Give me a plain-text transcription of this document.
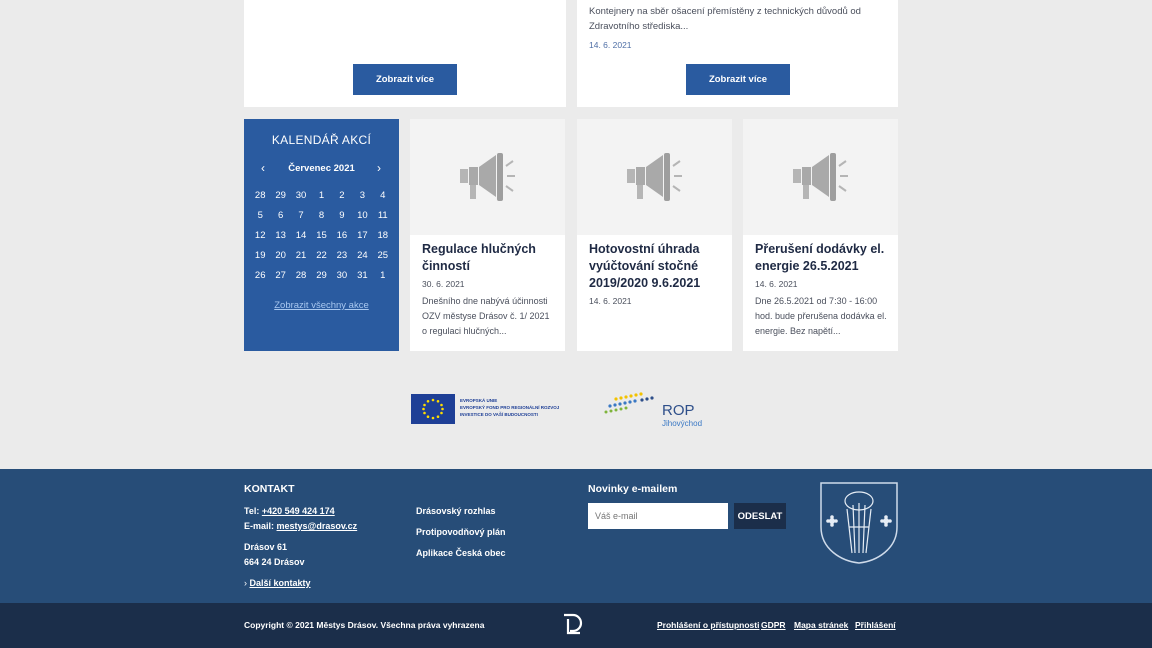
Zobrazit více
Kontejnery na sběr ošacení přemístěny z technických důvodů od Zdravotního střediska...
14. 6. 2021
Zobrazit více
KALENDÁŘ AKCÍ
‹	Červenec 2021	›
28	29	30	1	2	3	4
5	6	7	8	9	10	11
12	13	14	15	16	17	18
19	20	21	22	23	24	25
26	27	28	29	30	31	1
Zobrazit všechny akce
Regulace hlučných činností
30. 6. 2021
Dnešního dne nabývá účinnosti OZV městyse Drásov č. 1/ 2021 o regulaci hlučných...
Hotovostní úhrada vyúčtování stočné 2019/2020 9.6.2021
14. 6. 2021
Přerušení dodávky el. energie 26.5.2021
14. 6. 2021
Dne 26.5.2021 od 7:30 - 16:00 hod. bude přerušena dodávka el. energie. Bez napětí...
EVROPSKÁ UNIE
EVROPSKÝ FOND PRO REGIONÁLNÍ ROZVOJ
INVESTICE DO VAŠÍ BUDOUCNOSTI	ROP
Jihovýchod
KONTAKT
Tel: +420 549 424 174
E-mail: mestys@drasov.cz
Drásov 61
664 24 Drásov
› Další kontakty
Drásovský rozhlas
Protipovodňový plán
Aplikace Česká obec
Novinky e-mailem
Váš e-mail
ODESLAT
Copyright © 2021 Městys Drásov. Všechna práva vyhrazena	Prohlášení o přístupnosti GDPR Mapa stránek Přihlášení
